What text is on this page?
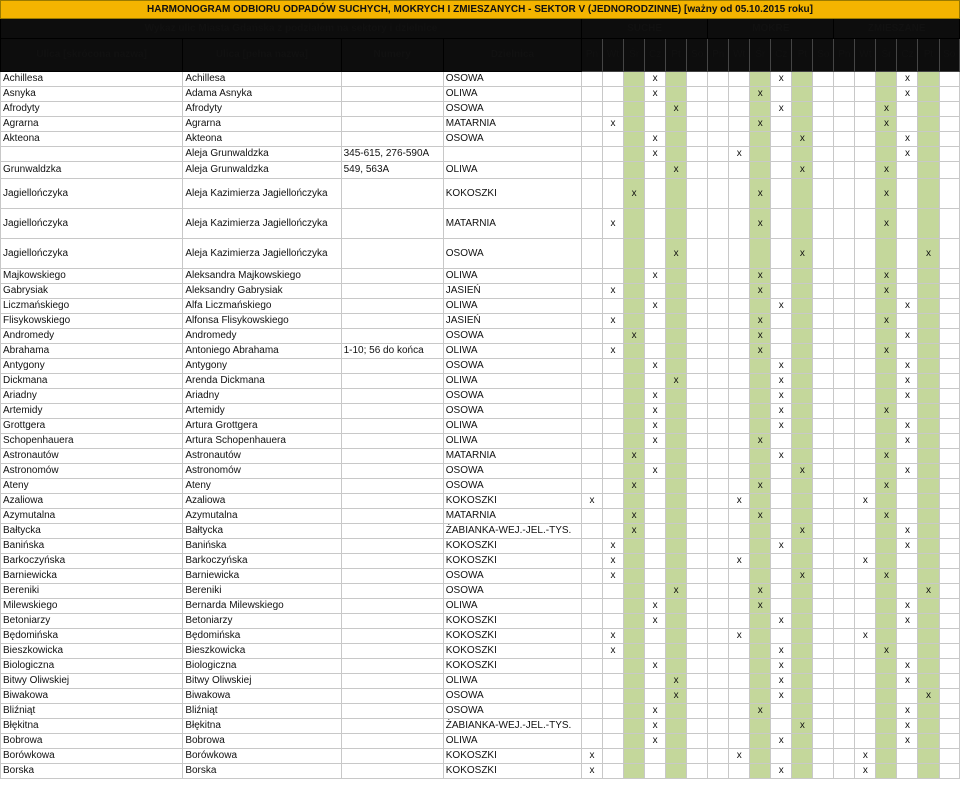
HARMONOGRAM ODBIORU ODPADÓW SUCHYCH, MOKRYCH I ZMIESZANYCH - SEKTOR V (JEDNORODZINNE) [ważny od 05.10.2015 roku]																					
Wykaz ulic Miasta Gdańska z podziałem na sektory i dzielnice				SUCHE						MOKRE						ZMIESZANE					
Ulica [skrócona nazwa]	Ulica [pełna nazwa]	Numery	Dzielnica	Pn	Wt	Śr	Cz	Pt	So	Pn	Wt	Śr	Cz	Pt	So	Pn	Wt	Śr	Cz	Pt	So
Achillesa	Achillesa		OSOWA				x						x						x		
Asnyka	Adama Asnyka		OLIWA				x					x							x		
Afrodyty	Afrodyty		OSOWA					x					x					x			
Agrarna	Agrarna		MATARNIA		x							x						x			
Akteona	Akteona		OSOWA				x							x					x		
	Aleja Grunwaldzka	345-615, 276-590A					x				x								x		
Grunwaldzka	Aleja Grunwaldzka	549, 563A	OLIWA					x						x				x			
Jagiellończyka	Aleja Kazimierza Jagiellończyka		KOKOSZKI			x						x						x			
Jagiellończyka	Aleja Kazimierza Jagiellończyka		MATARNIA		x							x						x			
Jagiellończyka	Aleja Kazimierza Jagiellończyka		OSOWA					x						x						x	
Majkowskiego	Aleksandra Majkowskiego		OLIWA				x					x						x			
Gabrysiak	Aleksandry Gabrysiak		JASIEŃ		x							x						x			
Liczmańskiego	Alfa Liczmańskiego		OLIWA				x						x						x		
Flisykowskiego	Alfonsa Flisykowskiego		JASIEŃ		x							x						x			
Andromedy	Andromedy		OSOWA			x						x							x		
Abrahama	Antoniego Abrahama	1-10; 56 do końca	OLIWA		x							x						x			
Antygony	Antygony		OSOWA				x						x						x		
Dickmana	Arenda Dickmana		OLIWA					x					x						x		
Ariadny	Ariadny		OSOWA				x						x						x		
Artemidy	Artemidy		OSOWA				x						x					x			
Grottgera	Artura Grottgera		OLIWA				x						x						x		
Schopenhauera	Artura Schopenhauera		OLIWA				x					x							x		
Astronautów	Astronautów		MATARNIA			x							x					x			
Astronomów	Astronomów		OSOWA				x							x					x		
Ateny	Ateny		OSOWA			x						x						x			
Azaliowa	Azaliowa		KOKOSZKI	x							x						x				
Azymutalna	Azymutalna		MATARNIA			x						x						x			
Bałtycka	Bałtycka		ŻABIANKA-WEJ.-JEL.-TYS.			x								x					x		
Banińska	Banińska		KOKOSZKI		x								x						x		
Barkoczyńska	Barkoczyńska		KOKOSZKI		x						x						x				
Barniewicka	Barniewicka		OSOWA		x									x				x			
Bereniki	Bereniki		OSOWA					x				x								x	
Milewskiego	Bernarda Milewskiego		OLIWA				x					x							x		
Betoniarzy	Betoniarzy		KOKOSZKI				x						x						x		
Będomińska	Będomińska		KOKOSZKI		x						x						x				
Bieszkowicka	Bieszkowicka		KOKOSZKI		x								x					x			
Biologiczna	Biologiczna		KOKOSZKI				x						x						x		
Bitwy Oliwskiej	Bitwy Oliwskiej		OLIWA					x					x						x		
Biwakowa	Biwakowa		OSOWA					x					x							x	
Bliźniąt	Bliźniąt		OSOWA				x					x							x		
Błękitna	Błękitna		ŻABIANKA-WEJ.-JEL.-TYS.				x							x					x		
Bobrowa	Bobrowa		OLIWA				x						x						x		
Borówkowa	Borówkowa		KOKOSZKI	x							x						x				
Borska	Borska		KOKOSZKI	x									x				x				
